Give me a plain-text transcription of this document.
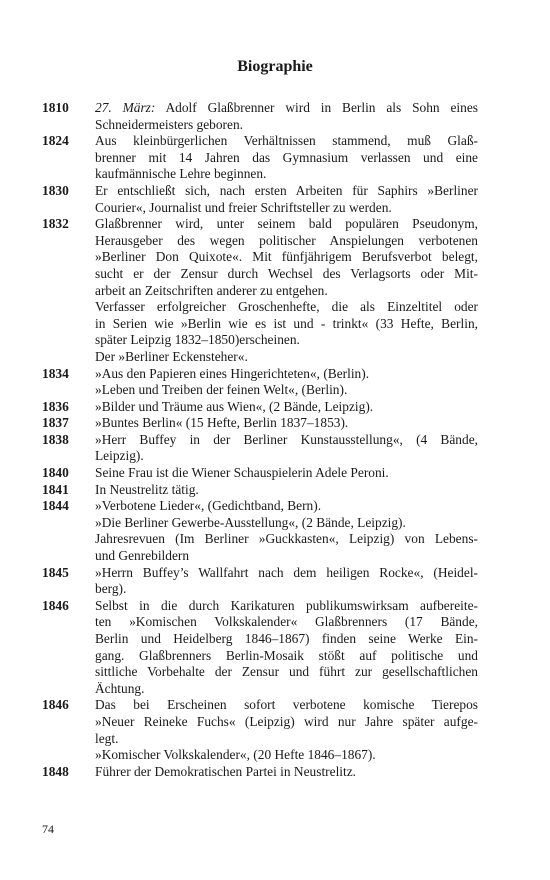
Biographie
1810	27. März: Adolf Glaßbrenner wird in Berlin als Sohn eines
Schneidermeisters geboren.
1824	Aus kleinbürgerlichen Verhältnissen stammend, muß Glaß-
brenner mit 14 Jahren das Gymnasium verlassen und eine
kaufmännische Lehre beginnen.
1830	Er entschließt sich, nach ersten Arbeiten für Saphirs »Berliner
Courier«, Journalist und freier Schriftsteller zu werden.
1832	Glaßbrenner wird, unter seinem bald populären Pseudonym,
Herausgeber des wegen politischer Anspielungen verbotenen
»Berliner Don Quixote«. Mit fünfjährigem Berufsverbot belegt,
sucht er der Zensur durch Wechsel des Verlagsorts oder Mit-
arbeit an Zeitschriften anderer zu entgehen.
Verfasser erfolgreicher Groschenhefte, die als Einzeltitel oder
in Serien wie »Berlin wie es ist und - trinkt« (33 Hefte, Berlin,
später Leipzig 1832–1850)erscheinen.
Der »Berliner Eckensteher«.
1834	»Aus den Papieren eines Hingerichteten«, (Berlin).
»Leben und Treiben der feinen Welt«, (Berlin).
1836	»Bilder und Träume aus Wien«, (2 Bände, Leipzig).
1837	»Buntes Berlin« (15 Hefte, Berlin 1837–1853).
1838	»Herr Buffey in der Berliner Kunstausstellung«, (4 Bände,
Leipzig).
1840	Seine Frau ist die Wiener Schauspielerin Adele Peroni.
1841	In Neustrelitz tätig.
1844	»Verbotene Lieder«, (Gedichtband, Bern).
»Die Berliner Gewerbe-Ausstellung«, (2 Bände, Leipzig).
Jahresrevuen (Im Berliner »Guckkasten«, Leipzig) von Lebens-
und Genrebildern
1845	»Herrn Buffey’s Wallfahrt nach dem heiligen Rocke«, (Heidel-
berg).
1846	Selbst in die durch Karikaturen publikumswirksam aufbereite-
ten »Komischen Volkskalender« Glaßbrenners (17 Bände,
Berlin und Heidelberg 1846–1867) finden seine Werke Ein-
gang. Glaßbrenners Berlin-Mosaik stößt auf politische und
sittliche Vorbehalte der Zensur und führt zur gesellschaftlichen
Ächtung.
1846	Das bei Erscheinen sofort verbotene komische Tierepos
»Neuer Reineke Fuchs« (Leipzig) wird nur Jahre später aufge-
legt.
»Komischer Volkskalender«, (20 Hefte 1846–1867).
1848	Führer der Demokratischen Partei in Neustrelitz.
74
